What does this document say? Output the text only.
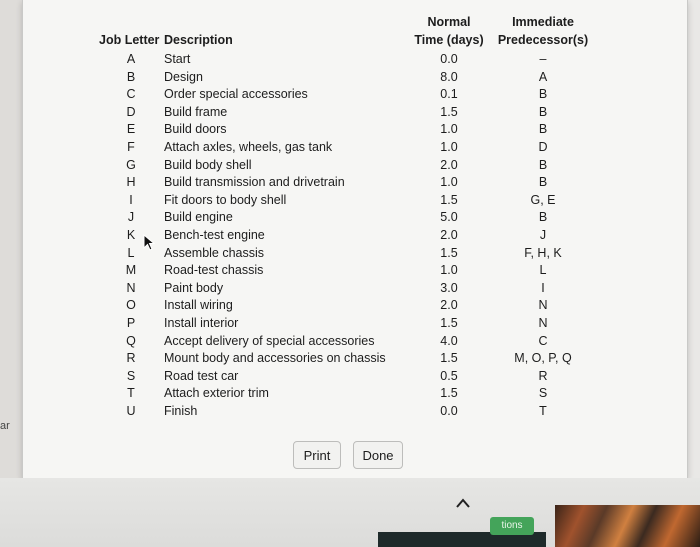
ar
Job Letter Description
Normal
Time (days)
Immediate
Predecessor(s)
A	Start	0.0	–
B	Design	8.0	A
C	Order special accessories	0.1	B
D	Build frame	1.5	B
E	Build doors	1.0	B
F	Attach axles, wheels, gas tank	1.0	D
G	Build body shell	2.0	B
H	Build transmission and drivetrain	1.0	B
I	Fit doors to body shell	1.5	G, E
J	Build engine	5.0	B
K	Bench-test engine	2.0	J
L	Assemble chassis	1.5	F, H, K
M	Road-test chassis	1.0	L
N	Paint body	3.0	I
O	Install wiring	2.0	N
P	Install interior	1.5	N
Q	Accept delivery of special accessories	4.0	C
R	Mount body and accessories on chassis	1.5	M, O, P, Q
S	Road test car	0.5	R
T	Attach exterior trim	1.5	S
U	Finish	0.0	T
Print	Done
tions
